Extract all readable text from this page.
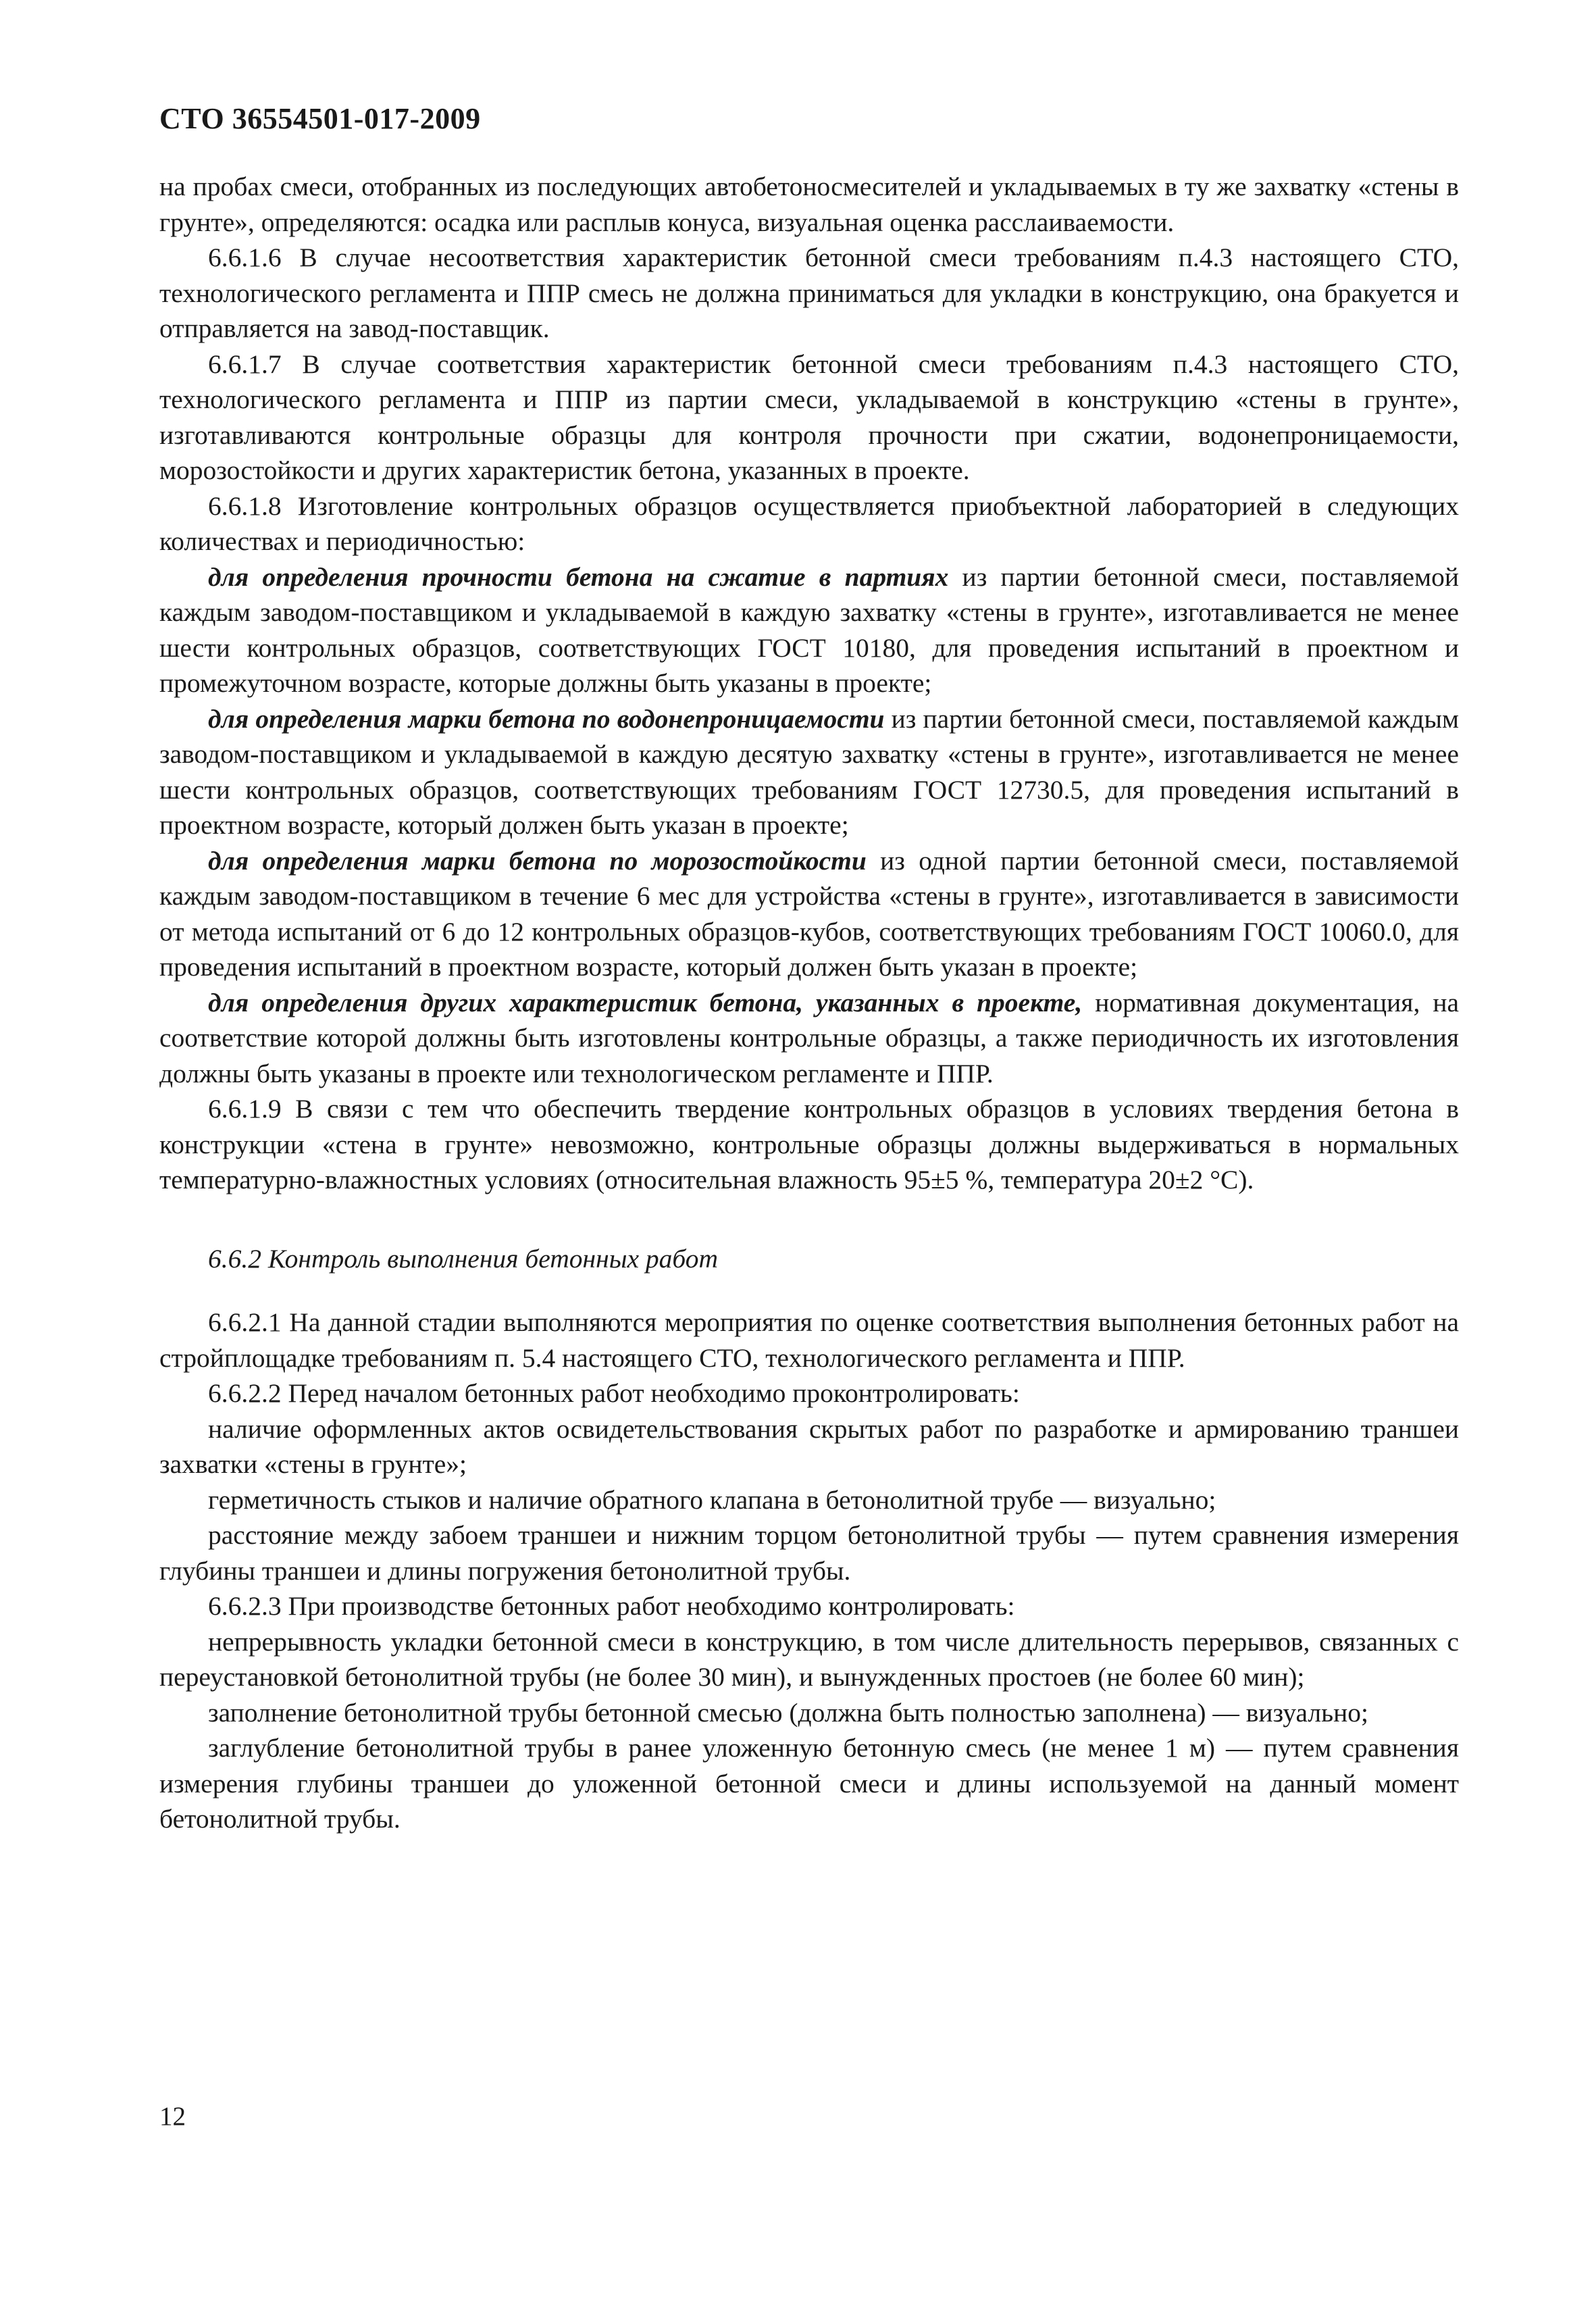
СТО 36554501-017-2009

на пробах смеси, отобранных из последующих автобетоносмесителей и укладываемых в ту же захватку «стены в грунте», определяются: осадка или расплыв конуса, визуальная оценка расслаиваемости.

6.6.1.6 В случае несоответствия характеристик бетонной смеси требованиям п.4.3 настоящего СТО, технологического регламента и ППР смесь не должна приниматься для укладки в конструкцию, она бракуется и отправляется на завод-поставщик.

6.6.1.7 В случае соответствия характеристик бетонной смеси требованиям п.4.3 настоящего СТО, технологического регламента и ППР из партии смеси, укладываемой в конструкцию «стены в грунте», изготавливаются контрольные образцы для контроля прочности при сжатии, водонепроницаемости, морозостойкости и других характеристик бетона, указанных в проекте.

6.6.1.8 Изготовление контрольных образцов осуществляется приобъектной лабораторией в следующих количествах и периодичностью:

для определения прочности бетона на сжатие в партиях из партии бетонной смеси, поставляемой каждым заводом-поставщиком и укладываемой в каждую захватку «стены в грунте», изготавливается не менее шести контрольных образцов, соответствующих ГОСТ 10180, для проведения испытаний в проектном и промежуточном возрасте, которые должны быть указаны в проекте;

для определения марки бетона по водонепроницаемости из партии бетонной смеси, поставляемой каждым заводом-поставщиком и укладываемой в каждую десятую захватку «стены в грунте», изготавливается не менее шести контрольных образцов, соответствующих требованиям ГОСТ 12730.5, для проведения испытаний в проектном возрасте, который должен быть указан в проекте;

для определения марки бетона по морозостойкости из одной партии бетонной смеси, поставляемой каждым заводом-поставщиком в течение 6 мес для устройства «стены в грунте», изготавливается в зависимости от метода испытаний от 6 до 12 контрольных образцов-кубов, соответствующих требованиям ГОСТ 10060.0, для проведения испытаний в проектном возрасте, который должен быть указан в проекте;

для определения других характеристик бетона, указанных в проекте, нормативная документация, на соответствие которой должны быть изготовлены контрольные образцы, а также периодичность их изготовления должны быть указаны в проекте или технологическом регламенте и ППР.

6.6.1.9 В связи с тем что обеспечить твердение контрольных образцов в условиях твердения бетона в конструкции «стена в грунте» невозможно, контрольные образцы должны выдерживаться в нормальных температурно-влажностных условиях (относительная влажность 95±5 %, температура 20±2 °С).

6.6.2 Контроль выполнения бетонных работ

6.6.2.1 На данной стадии выполняются мероприятия по оценке соответствия выполнения бетонных работ на стройплощадке требованиям п. 5.4 настоящего СТО, технологического регламента и ППР.

6.6.2.2 Перед началом бетонных работ необходимо проконтролировать:

наличие оформленных актов освидетельствования скрытых работ по разработке и армированию траншеи захватки «стены в грунте»;

герметичность стыков и наличие обратного клапана в бетонолитной трубе — визуально;

расстояние между забоем траншеи и нижним торцом бетонолитной трубы — путем сравнения измерения глубины траншеи и длины погружения бетонолитной трубы.

6.6.2.3 При производстве бетонных работ необходимо контролировать:

непрерывность укладки бетонной смеси в конструкцию, в том числе длительность перерывов, связанных с переустановкой бетонолитной трубы (не более 30 мин), и вынужденных простоев (не более 60 мин);

заполнение бетонолитной трубы бетонной смесью (должна быть полностью заполнена) — визуально;

заглубление бетонолитной трубы в ранее уложенную бетонную смесь (не менее 1 м) — путем сравнения измерения глубины траншеи до уложенной бетонной смеси и длины используемой на данный момент бетонолитной трубы.

12
